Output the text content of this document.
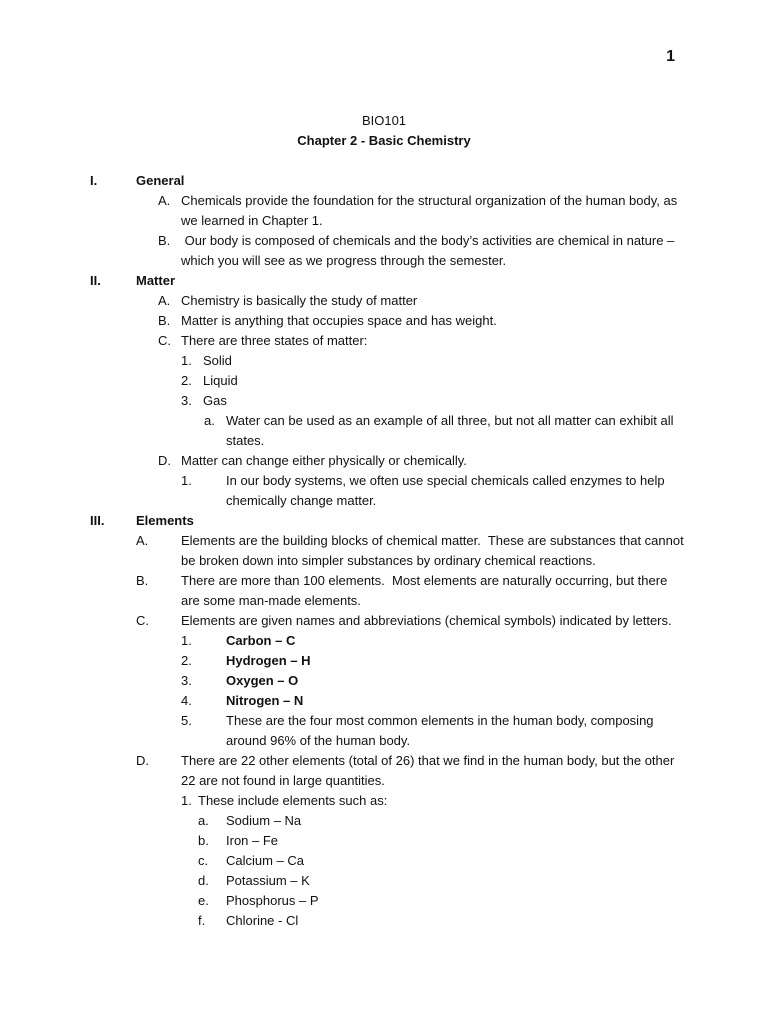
1
BIO101
Chapter 2 - Basic Chemistry
I.	General
A. Chemicals provide the foundation for the structural organization of the human body, as
we learned in Chapter 1.
B. Our body is composed of chemicals and the body’s activities are chemical in nature –
which you will see as we progress through the semester.
II.	Matter
A. Chemistry is basically the study of matter
B. Matter is anything that occupies space and has weight.
C. There are three states of matter:
1. Solid
2. Liquid
3. Gas
a. Water can be used as an example of all three, but not all matter can exhibit all
states.
D. Matter can change either physically or chemically.
1.	In our body systems, we often use special chemicals called enzymes to help
chemically change matter.
III. Elements
A.	Elements are the building blocks of chemical matter.  These are substances that cannot
be broken down into simpler substances by ordinary chemical reactions.
B.	There are more than 100 elements.  Most elements are naturally occurring, but there
are some man-made elements.
C. Elements are given names and abbreviations (chemical symbols) indicated by letters.
1.	Carbon – C
2.	Hydrogen – H
3.	Oxygen – O
4.	Nitrogen – N
5.	These are the four most common elements in the human body, composing
around 96% of the human body.
D. There are 22 other elements (total of 26) that we find in the human body, but the other
22 are not found in large quantities.
1. These include elements such as:
a. Sodium – Na
b. Iron – Fe
c. Calcium – Ca
d. Potassium – K
e. Phosphorus – P
f. Chlorine - Cl
